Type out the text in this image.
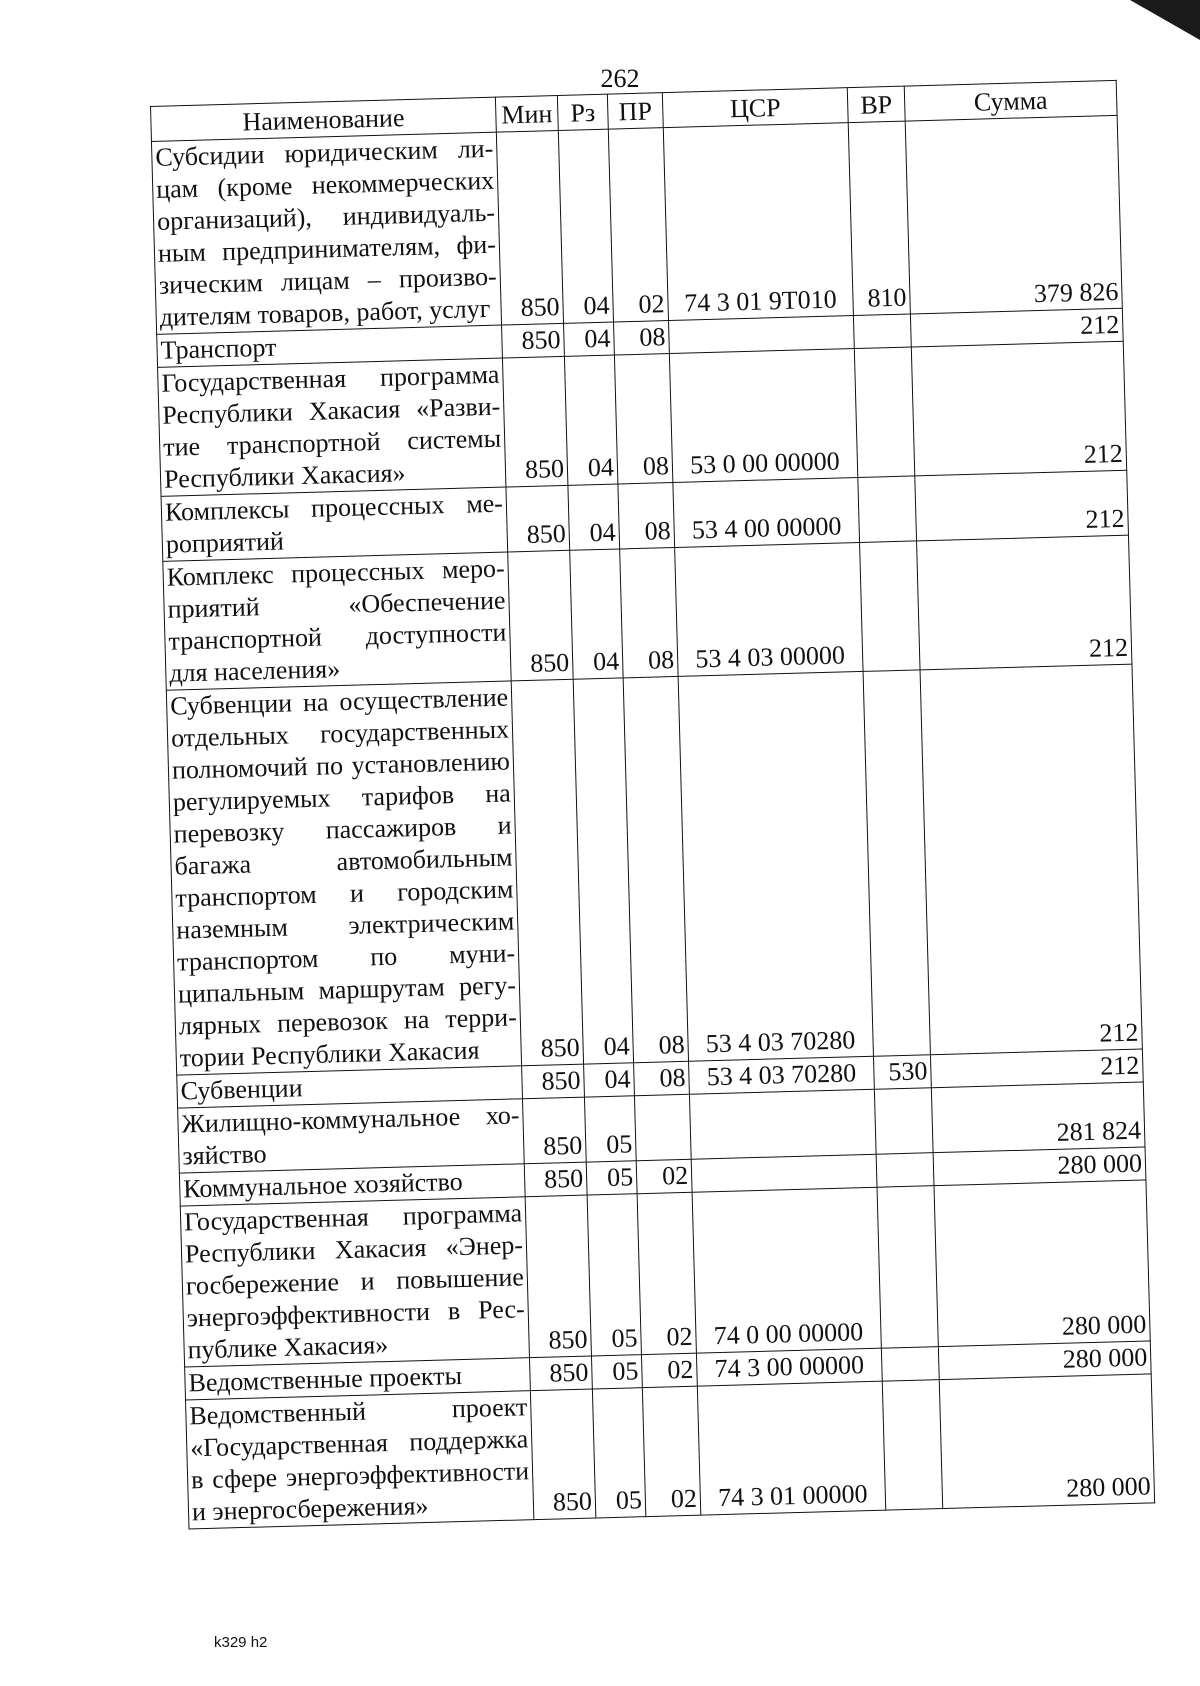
262
Наименование	Мин	Рз	ПР	ЦСР	ВР	Сумма
Субсидии юридическим лицам (кроме некоммерческих организаций), индивидуальным предпринимателям, физическим лицам – производителям товаров, работ, услуг	850	04	02	74 3 01 9Т010	810	379 826
Транспорт	850	04	08			212
Государственная программа Республики Хакасия «Развитие транспортной системы Республики Хакасия»	850	04	08	53 0 00 00000		212
Комплексы процессных мероприятий	850	04	08	53 4 00 00000		212
Комплекс процессных мероприятий «Обеспечение транспортной доступности для населения»	850	04	08	53 4 03 00000		212
Субвенции на осуществление отдельных государственных полномочий по установлению регулируемых тарифов на перевозку пассажиров и багажа автомобильным транспортом и городским наземным электрическим транспортом по муниципальным маршрутам регулярных перевозок на территории Республики Хакасия	850	04	08	53 4 03 70280		212
Субвенции	850	04	08	53 4 03 70280	530	212
Жилищно-коммунальное хозяйство	850	05				281 824
Коммунальное хозяйство	850	05	02			280 000
Государственная программа Республики Хакасия «Энергосбережение и повышение энергоэффективности в Республике Хакасия»	850	05	02	74 0 00 00000		280 000
Ведомственные проекты	850	05	02	74 3 00 00000		280 000
Ведомственный проект «Государственная поддержка в сфере энергоэффективности и энергосбережения»	850	05	02	74 3 01 00000		280 000
k329 h2
